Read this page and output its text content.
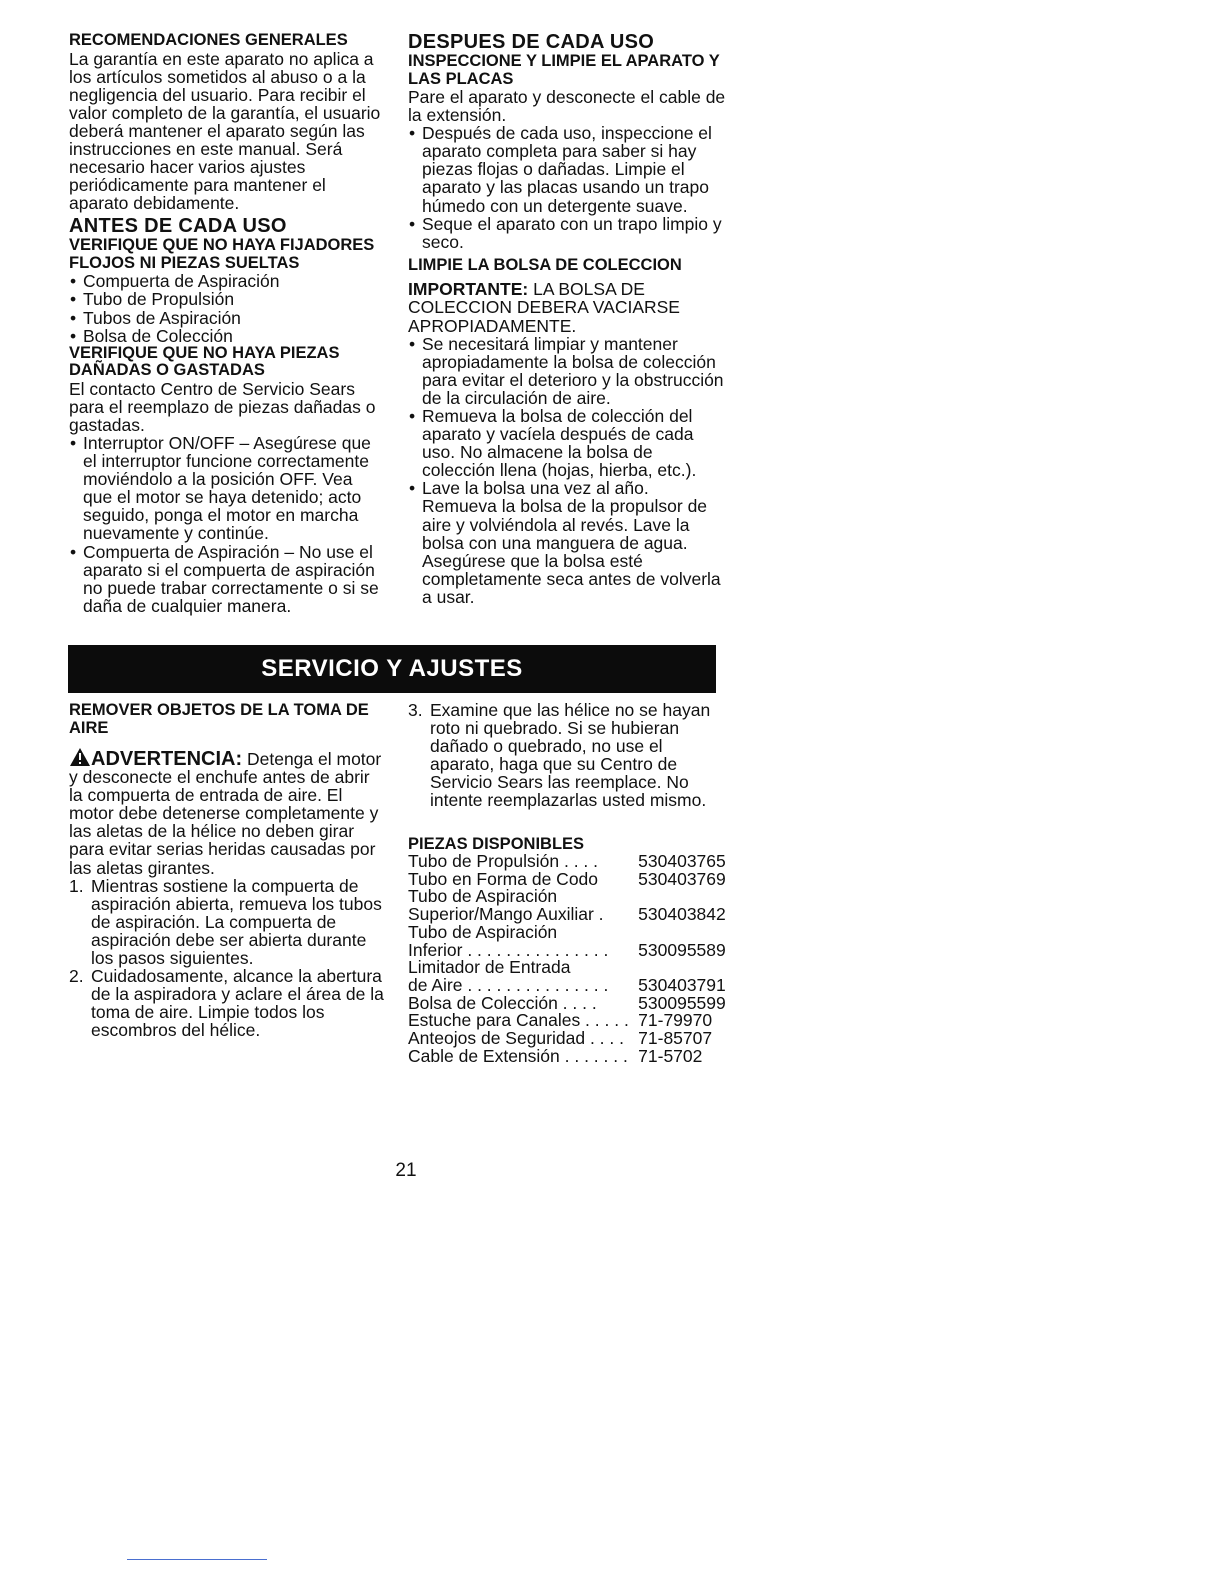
RECOMENDACIONES GENERALES

La garantía en este aparato no aplica a los artículos sometidos al abuso o a la negligencia del usuario. Para recibir el valor completo de la garantía, el usuario deberá mantener el aparato según las instrucciones en este manual. Será necesario hacer varios ajustes periódicamente para mantener el aparato debidamente.

ANTES DE CADA USO
VERIFIQUE QUE NO HAYA FIJADORES FLOJOS NI PIEZAS SUELTAS
• Compuerta de Aspiración
• Tubo de Propulsión
• Tubos de Aspiración
• Bolsa de Colección
VERIFIQUE QUE NO HAYA PIEZAS DAÑADAS O GASTADAS

El contacto Centro de Servicio Sears para el reemplazo de piezas dañadas o gastadas.

• Interruptor ON/OFF – Asegúrese que el interruptor funcione correctamente moviéndolo a la posición OFF. Vea que el motor se haya detenido; acto seguido, ponga el motor en marcha nuevamente y continúe.
• Compuerta de Aspiración – No use el aparato si el compuerta de aspiración no puede trabar correctamente o si se daña de cualquier manera.
DESPUES DE CADA USO
INSPECCIONE Y LIMPIE EL APARATO Y LAS PLACAS

Pare el aparato y desconecte el cable de la extensión.

• Después de cada uso, inspeccione el aparato completa para saber si hay piezas flojas o dañadas. Limpie el aparato y las placas usando un trapo húmedo con un detergente suave.
• Seque el aparato con un trapo limpio y seco.
LIMPIE LA BOLSA DE COLECCION

IMPORTANTE: LA BOLSA DE COLECCION DEBERA VACIARSE APROPIADAMENTE.

• Se necesitará limpiar y mantener apropiadamente la bolsa de colección para evitar el deterioro y la obstrucción de la circulación de aire.
• Remueva la bolsa de colección del aparato y vacíela después de cada uso. No almacene la bolsa de colección llena (hojas, hierba, etc.).
• Lave la bolsa una vez al año. Remueva la bolsa de la propulsor de aire y volviéndola al revés. Lave la bolsa con una manguera de agua. Asegúrese que la bolsa esté completamente seca antes de volverla a usar.
SERVICIO Y AJUSTES
REMOVER OBJETOS DE LA TOMA DE AIRE

ADVERTENCIA: Detenga el motor y desconecte el enchufe antes de abrir la compuerta de entrada de aire. El motor debe detenerse completamente y las aletas de la hélice no deben girar para evitar serias heridas causadas por las aletas girantes.

1. Mientras sostiene la compuerta de aspiración abierta, remueva los tubos de aspiración. La compuerta de aspiración debe ser abierta durante los pasos siguientes.
2. Cuidadosamente, alcance la abertura de la aspiradora y aclare el área de la toma de aire. Limpie todos los escombros del hélice.
3. Examine que las hélice no se hayan roto ni quebrado. Si se hubieran dañado o quebrado, no use el aparato, haga que su Centro de Servicio Sears las reemplace. No intente reemplazarlas usted mismo.
PIEZAS DISPONIBLES
Tubo de Propulsión . . . .	530403765
Tubo en Forma de Codo	530403769
Tubo de Aspiración	
Superior/Mango Auxiliar .	530403842
Tubo de Aspiración	
Inferior . . . . . . . . . . . . . . .	530095589
Limitador de Entrada	
de Aire . . . . . . . . . . . . . . .	530403791
Bolsa de Colección . . . .	530095599
Estuche para Canales . . . . .	71-79970
Anteojos de Seguridad . . . .	71-85707
Cable de Extensión . . . . . . .	71-5702
21
